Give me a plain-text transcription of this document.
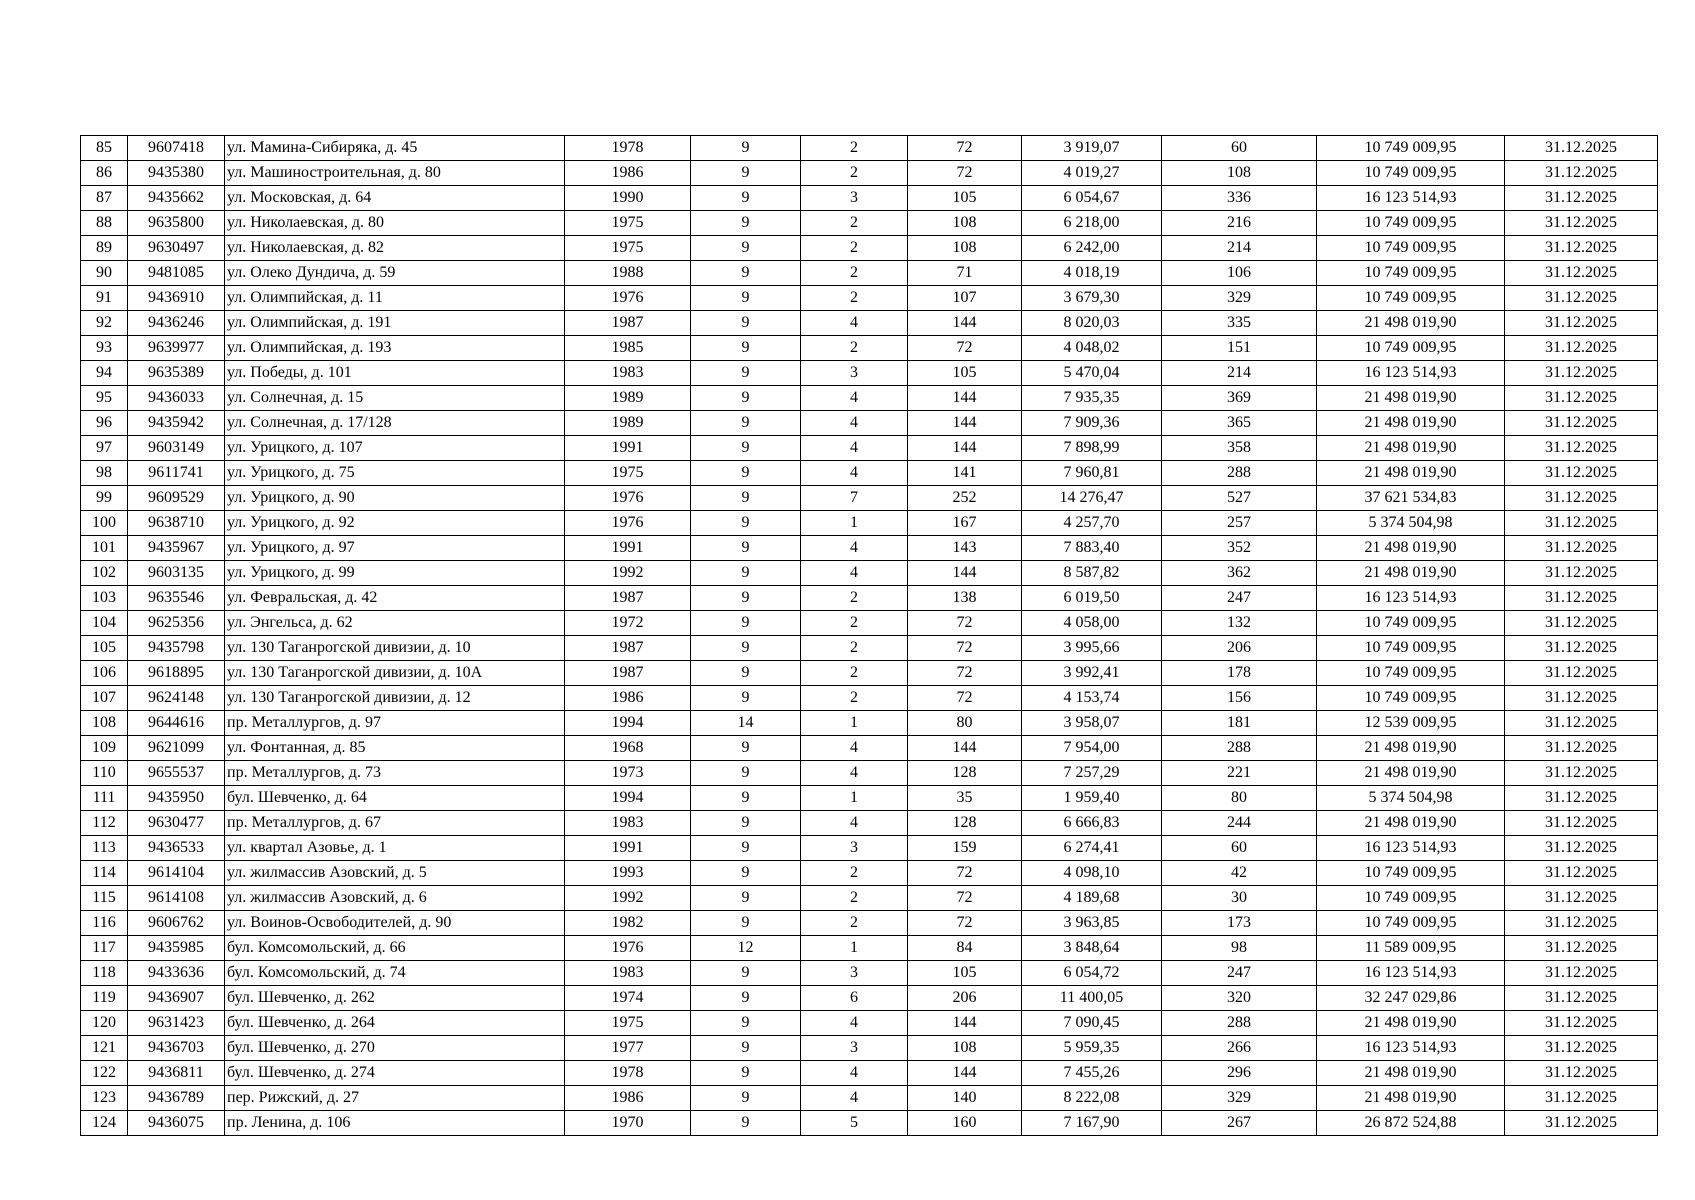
85	9607418	ул. Мамина-Сибиряка, д. 45	1978	9	2	72	3 919,07	60	10 749 009,95	31.12.2025
86	9435380	ул. Машиностроительная, д. 80	1986	9	2	72	4 019,27	108	10 749 009,95	31.12.2025
87	9435662	ул. Московская, д. 64	1990	9	3	105	6 054,67	336	16 123 514,93	31.12.2025
88	9635800	ул. Николаевская, д. 80	1975	9	2	108	6 218,00	216	10 749 009,95	31.12.2025
89	9630497	ул. Николаевская, д. 82	1975	9	2	108	6 242,00	214	10 749 009,95	31.12.2025
90	9481085	ул. Олеко Дундича, д. 59	1988	9	2	71	4 018,19	106	10 749 009,95	31.12.2025
91	9436910	ул. Олимпийская, д. 11	1976	9	2	107	3 679,30	329	10 749 009,95	31.12.2025
92	9436246	ул. Олимпийская, д. 191	1987	9	4	144	8 020,03	335	21 498 019,90	31.12.2025
93	9639977	ул. Олимпийская, д. 193	1985	9	2	72	4 048,02	151	10 749 009,95	31.12.2025
94	9635389	ул. Победы, д. 101	1983	9	3	105	5 470,04	214	16 123 514,93	31.12.2025
95	9436033	ул. Солнечная, д. 15	1989	9	4	144	7 935,35	369	21 498 019,90	31.12.2025
96	9435942	ул. Солнечная, д. 17/128	1989	9	4	144	7 909,36	365	21 498 019,90	31.12.2025
97	9603149	ул. Урицкого, д. 107	1991	9	4	144	7 898,99	358	21 498 019,90	31.12.2025
98	9611741	ул. Урицкого, д. 75	1975	9	4	141	7 960,81	288	21 498 019,90	31.12.2025
99	9609529	ул. Урицкого, д. 90	1976	9	7	252	14 276,47	527	37 621 534,83	31.12.2025
100	9638710	ул. Урицкого, д. 92	1976	9	1	167	4 257,70	257	5 374 504,98	31.12.2025
101	9435967	ул. Урицкого, д. 97	1991	9	4	143	7 883,40	352	21 498 019,90	31.12.2025
102	9603135	ул. Урицкого, д. 99	1992	9	4	144	8 587,82	362	21 498 019,90	31.12.2025
103	9635546	ул. Февральская, д. 42	1987	9	2	138	6 019,50	247	16 123 514,93	31.12.2025
104	9625356	ул. Энгельса, д. 62	1972	9	2	72	4 058,00	132	10 749 009,95	31.12.2025
105	9435798	ул. 130 Таганрогской дивизии, д. 10	1987	9	2	72	3 995,66	206	10 749 009,95	31.12.2025
106	9618895	ул. 130 Таганрогской дивизии, д. 10А	1987	9	2	72	3 992,41	178	10 749 009,95	31.12.2025
107	9624148	ул. 130 Таганрогской дивизии, д. 12	1986	9	2	72	4 153,74	156	10 749 009,95	31.12.2025
108	9644616	пр. Металлургов, д. 97	1994	14	1	80	3 958,07	181	12 539 009,95	31.12.2025
109	9621099	ул. Фонтанная, д. 85	1968	9	4	144	7 954,00	288	21 498 019,90	31.12.2025
110	9655537	пр. Металлургов, д. 73	1973	9	4	128	7 257,29	221	21 498 019,90	31.12.2025
111	9435950	бул. Шевченко, д. 64	1994	9	1	35	1 959,40	80	5 374 504,98	31.12.2025
112	9630477	пр. Металлургов, д. 67	1983	9	4	128	6 666,83	244	21 498 019,90	31.12.2025
113	9436533	ул. квартал Азовье, д. 1	1991	9	3	159	6 274,41	60	16 123 514,93	31.12.2025
114	9614104	ул. жилмассив Азовский, д. 5	1993	9	2	72	4 098,10	42	10 749 009,95	31.12.2025
115	9614108	ул. жилмассив Азовский, д. 6	1992	9	2	72	4 189,68	30	10 749 009,95	31.12.2025
116	9606762	ул. Воинов-Освободителей, д. 90	1982	9	2	72	3 963,85	173	10 749 009,95	31.12.2025
117	9435985	бул. Комсомольский, д. 66	1976	12	1	84	3 848,64	98	11 589 009,95	31.12.2025
118	9433636	бул. Комсомольский, д. 74	1983	9	3	105	6 054,72	247	16 123 514,93	31.12.2025
119	9436907	бул. Шевченко, д. 262	1974	9	6	206	11 400,05	320	32 247 029,86	31.12.2025
120	9631423	бул. Шевченко, д. 264	1975	9	4	144	7 090,45	288	21 498 019,90	31.12.2025
121	9436703	бул. Шевченко, д. 270	1977	9	3	108	5 959,35	266	16 123 514,93	31.12.2025
122	9436811	бул. Шевченко, д. 274	1978	9	4	144	7 455,26	296	21 498 019,90	31.12.2025
123	9436789	пер. Рижский, д. 27	1986	9	4	140	8 222,08	329	21 498 019,90	31.12.2025
124	9436075	пр. Ленина, д. 106	1970	9	5	160	7 167,90	267	26 872 524,88	31.12.2025
